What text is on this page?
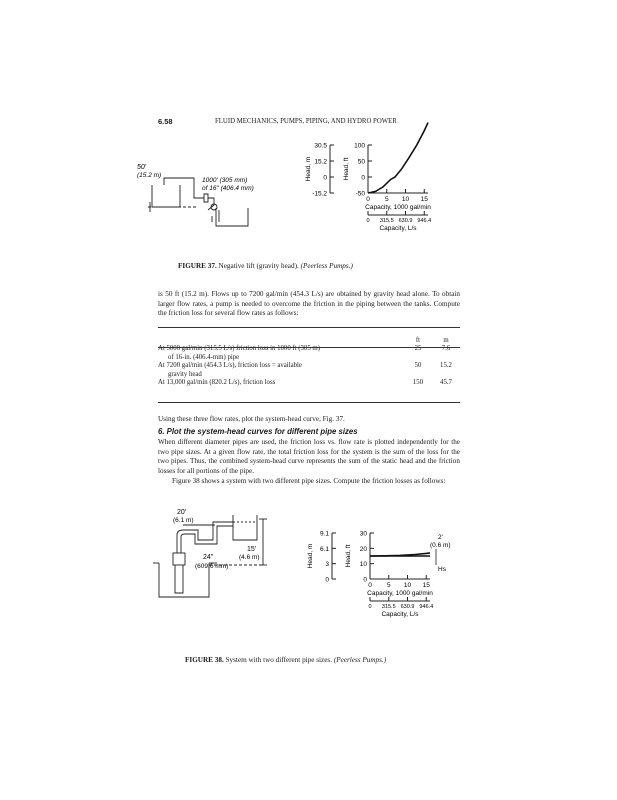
6.58	FLUID MECHANICS, PUMPS, PIPING, AND HYDRO POWER
50'
(15.2 m)
1000' (305 mm)
of 16" (406.4 mm)
-50
-15.2
0
0
50
15.2
100
30.5
Head, ft
Head, m
0 5 10 15
Capacity, 1000 gal/min
0 315.5 630.9 946.4
Capacity, L/s
FIGURE 37. Negative lift (gravity head). (Peerless Pumps.)

is 50 ft (15.2 m). Flows up to 7200 gal/min (454.3 L/s) are obtained by gravity head alone. To obtain larger flow rates, a pump is needed to overcome the friction in the piping between the tanks. Compute the friction loss for several flow rates as follows:

	ft	m

At 5000 gal/min (315.5 L/s) friction loss in 1000 ft (305 m)
of 16-in. (406.4-mm) pipe	25	7.6

At 7200 gal/min (454.3 L/s), friction loss = available
gravity head	50	15.2

At 13,000 gal/min (820.2 L/s), friction loss	150	45.7

Using these three flow rates, plot the system-head curve, Fig. 37.

6. Plot the system-head curves for different pipe sizes

When different diameter pipes are used, the friction loss vs. flow rate is plotted independently for the two pipe sizes. At a given flow rate, the total friction loss for the system is the sum of the loss for the two pipes. Thus, the combined system-head curve represents the sum of the static head and the friction losses for all portions of the pipe.

Figure 38 shows a system with two different pipe sizes. Compute the friction losses as follows:

20'
(6.1 m)
15'
(4.6 m)
24"
(609.6 mm)
0
0
10
3
20
6.1
30
9.1
Head, ft
Head, m
0 5 10 15
Capacity, 1000 gal/min
0 315.5 630.9 946.4
Capacity, L/s
2'
(0.6 m)
Hs
FIGURE 38. System with two different pipe sizes. (Peerless Pumps.)
